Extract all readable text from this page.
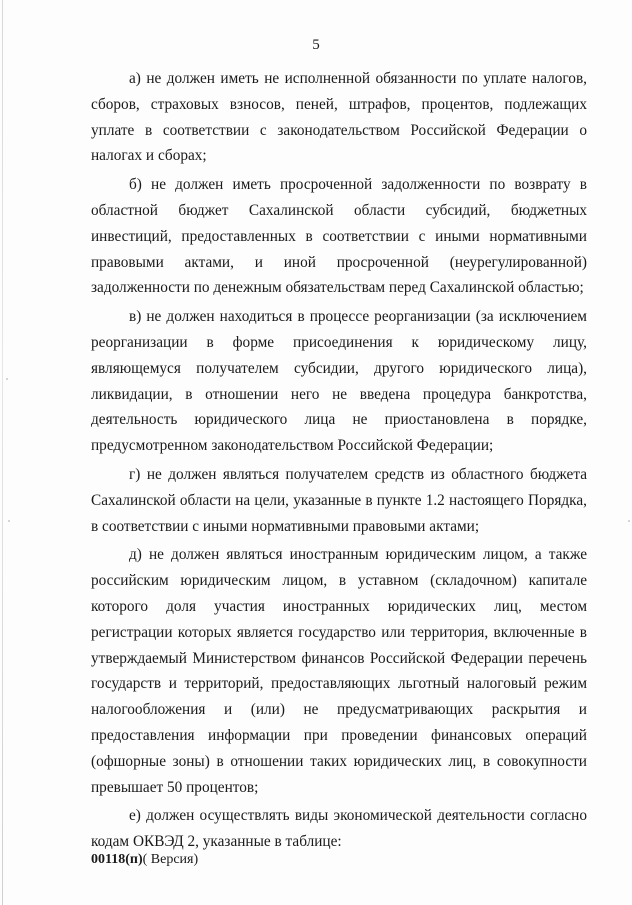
5

а) не должен иметь не исполненной обязанности по уплате налогов, сборов, страховых взносов, пеней, штрафов, процентов, подлежащих уплате в соответствии с законодательством Российской Федерации о налогах и сборах;

б) не должен иметь просроченной задолженности по возврату в областной бюджет Сахалинской области субсидий, бюджетных инвестиций, предоставленных в соответствии с иными нормативными правовыми актами, и иной просроченной (неурегулированной) задолженности по денежным обязательствам перед Сахалинской областью;

в) не должен находиться в процессе реорганизации (за исключением реорганизации в форме присоединения к юридическому лицу, являющемуся получателем субсидии, другого юридического лица), ликвидации, в отношении него не введена процедура банкротства, деятельность юридического лица не приостановлена в порядке, предусмотренном законодательством Российской Федерации;

г) не должен являться получателем средств из областного бюджета Сахалинской области на цели, указанные в пункте 1.2 настоящего Порядка, в соответствии с иными нормативными правовыми актами;

д) не должен являться иностранным юридическим лицом, а также российским юридическим лицом, в уставном (складочном) капитале которого доля участия иностранных юридических лиц, местом регистрации которых является государство или территория, включенные в утверждаемый Министерством финансов Российской Федерации перечень государств и территорий, предоставляющих льготный налоговый режим налогообложения и (или) не предусматривающих раскрытия и предоставления информации при проведении финансовых операций (офшорные зоны) в отношении таких юридических лиц, в совокупности превышает 50 процентов;

е) должен осуществлять виды экономической деятельности согласно кодам ОКВЭД 2, указанные в таблице:

00118(п)( Версия)
